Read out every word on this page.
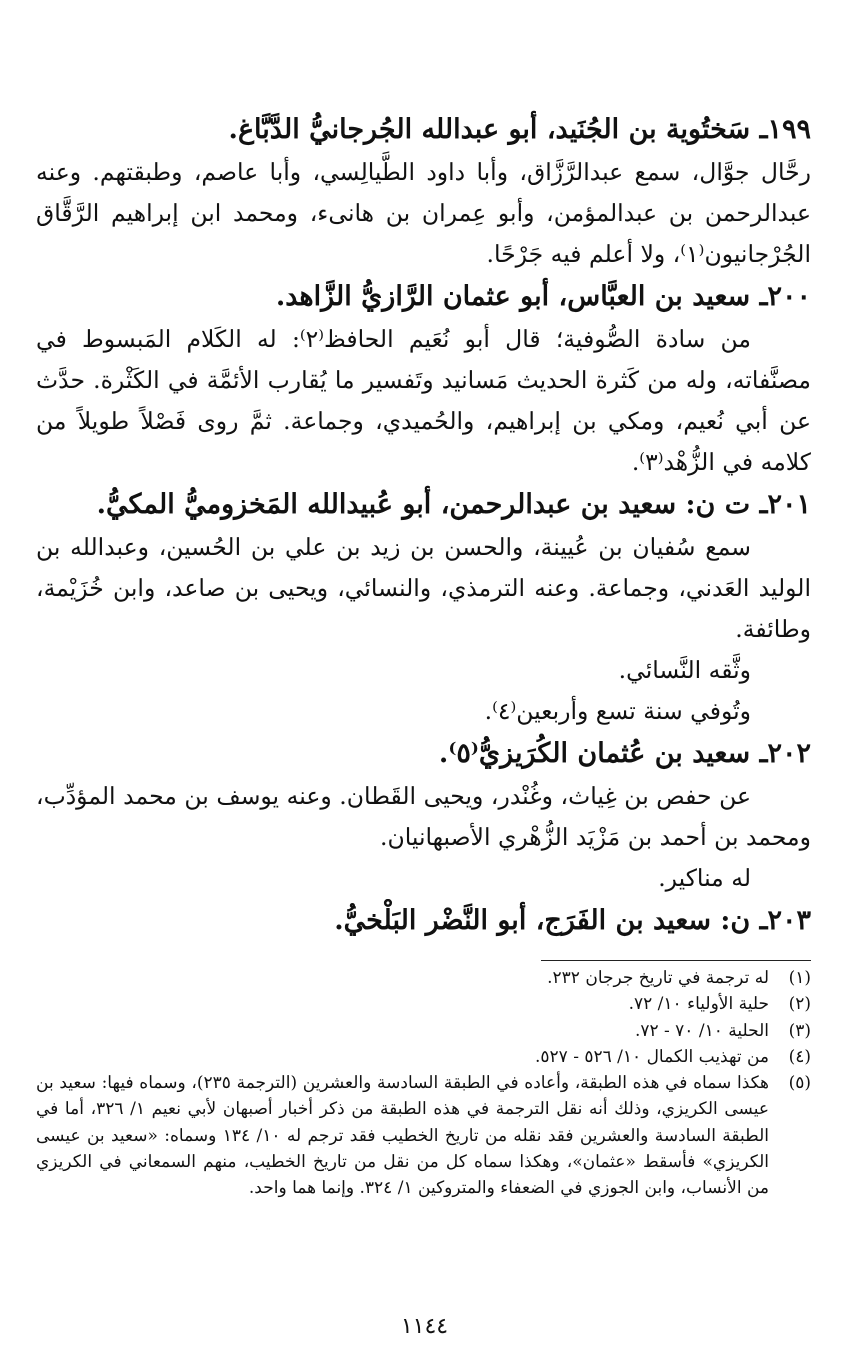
١٩٩ـ سَختُوية بن الجُنَيد، أبو عبدالله الجُرجانيُّ الدَّبَّاغ.
رحَّال جوَّال، سمع عبدالرَّزَّاق، وأبا داود الطَّيالِسي، وأبا عاصم، وطبقتهم. وعنه عبدالرحمن بن عبدالمؤمن، وأبو عِمران بن هانىء، ومحمد ابن إبراهيم الرَّقَّاق الجُرْجانيون⁽١⁾، ولا أعلم فيه جَرْحًا.
٢٠٠ـ سعيد بن العبَّاس، أبو عثمان الرَّازيُّ الزَّاهد.
من سادة الصُّوفية؛ قال أبو نُعَيم الحافظ⁽٢⁾: له الكَلام المَبسوط في مصنَّفاته، وله من كَثرة الحديث مَسانيد وتَفسير ما يُقارب الأئمَّة في الكَثْرة. حدَّث عن أبي نُعيم، ومكي بن إبراهيم، والحُميدي، وجماعة. ثمَّ روى فَصْلاً طويلاً من كلامه في الزُّهْد⁽٣⁾.
٢٠١ـ ت ن: سعيد بن عبدالرحمن، أبو عُبيدالله المَخزوميُّ المكيُّ.
سمع سُفيان بن عُيينة، والحسن بن زيد بن علي بن الحُسين، وعبدالله بن الوليد العَدني، وجماعة. وعنه الترمذي، والنسائي، ويحيى بن صاعد، وابن خُزَيْمة، وطائفة.
وثَّقه النَّسائي.
وتُوفي سنة تسع وأربعين⁽٤⁾.
٢٠٢ـ سعيد بن عُثمان الكُرَيزيُّ⁽٥⁾.
عن حفص بن غِياث، وغُنْدر، ويحيى القَطان. وعنه يوسف بن محمد المؤدِّب، ومحمد بن أحمد بن مَزْيَد الزُّهْري الأصبهانيان.
له مناكير.
٢٠٣ـ ن: سعيد بن الفَرَج، أبو النَّضْر البَلْخيُّ.
(١)
له ترجمة في تاريخ جرجان ٢٣٢.
(٢)
حلية الأولياء ١٠/ ٧٢.
(٣)
الحلية ١٠/ ٧٠ - ٧٢.
(٤)
من تهذيب الكمال ١٠/ ٥٢٦ - ٥٢٧.
(٥)
هكذا سماه في هذه الطبقة، وأعاده في الطبقة السادسة والعشرين (الترجمة ٢٣٥)، وسماه فيها: سعيد بن عيسى الكريزي، وذلك أنه نقل الترجمة في هذه الطبقة من ذكر أخبار أصبهان لأبي نعيم ١/ ٣٢٦، أما في الطبقة السادسة والعشرين فقد نقله من تاريخ الخطيب فقد ترجم له ١٠/ ١٣٤ وسماه: «سعيد بن عيسى الكريزي» فأسقط «عثمان»، وهكذا سماه كل من نقل من تاريخ الخطيب، منهم السمعاني في الكريزي من الأنساب، وابن الجوزي في الضعفاء والمتروكين ١/ ٣٢٤. وإنما هما واحد.
١١٤٤
